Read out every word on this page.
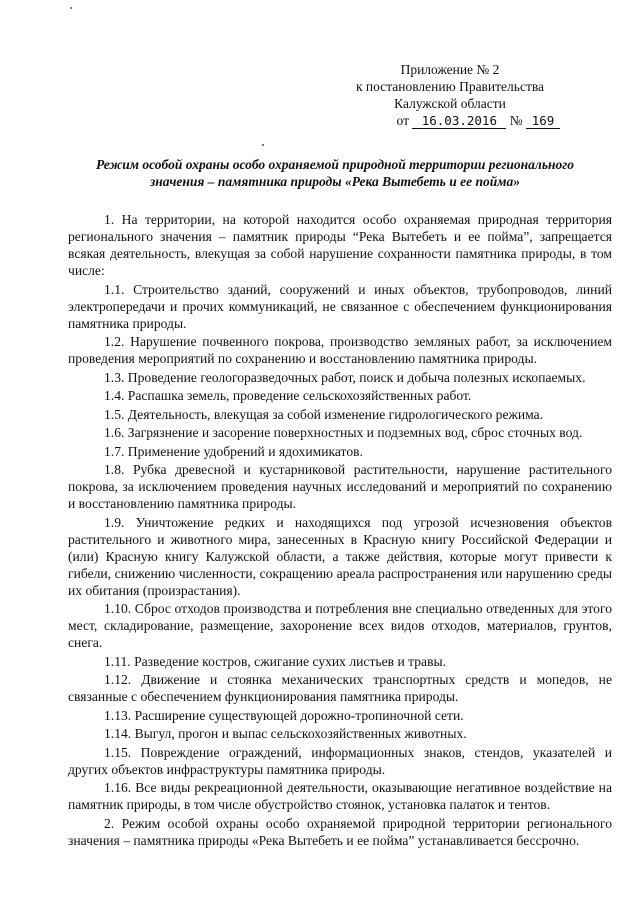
Приложение № 2
к постановлению Правительства
Калужской области
от 16.03.2016 № 169
Режим особой охраны особо охраняемой природной территории регионального значения – памятника природы «Река Вытебеть и ее пойма»

1. На территории, на которой находится особо охраняемая природная территория регионального значения – памятник природы “Река Вытебеть и ее пойма”, запрещается всякая деятельность, влекущая за собой нарушение сохранности памятника природы, в том числе:

1.1. Строительство зданий, сооружений и иных объектов, трубопроводов, линий электропередачи и прочих коммуникаций, не связанное с обеспечением функционирования памятника природы.

1.2. Нарушение почвенного покрова, производство земляных работ, за исключением проведения мероприятий по сохранению и восстановлению памятника природы.

1.3. Проведение геологоразведочных работ, поиск и добыча полезных ископаемых.

1.4. Распашка земель, проведение сельскохозяйственных работ.

1.5. Деятельность, влекущая за собой изменение гидрологического режима.

1.6. Загрязнение и засорение поверхностных и подземных вод, сброс сточных вод.

1.7. Применение удобрений и ядохимикатов.

1.8. Рубка древесной и кустарниковой растительности, нарушение растительного покрова, за исключением проведения научных исследований и мероприятий по сохранению и восстановлению памятника природы.

1.9. Уничтожение редких и находящихся под угрозой исчезновения объектов растительного и животного мира, занесенных в Красную книгу Российской Федерации и (или) Красную книгу Калужской области, а также действия, которые могут привести к гибели, снижению численности, сокращению ареала распространения или нарушению среды их обитания (произрастания).

1.10. Сброс отходов производства и потребления вне специально отведенных для этого мест, складирование, размещение, захоронение всех видов отходов, материалов, грунтов, снега.

1.11. Разведение костров, сжигание сухих листьев и травы.

1.12. Движение и стоянка механических транспортных средств и мопедов, не связанные с обеспечением функционирования памятника природы.

1.13. Расширение существующей дорожно-тропиночной сети.

1.14. Выгул, прогон и выпас сельскохозяйственных животных.

1.15. Повреждение ограждений, информационных знаков, стендов, указателей и других объектов инфраструктуры памятника природы.

1.16. Все виды рекреационной деятельности, оказывающие негативное воздействие на памятник природы, в том числе обустройство стоянок, установка палаток и тентов.

2. Режим особой охраны особо охраняемой природной территории регионального значения – памятника природы «Река Вытебеть и ее пойма” устанавливается бессрочно.
